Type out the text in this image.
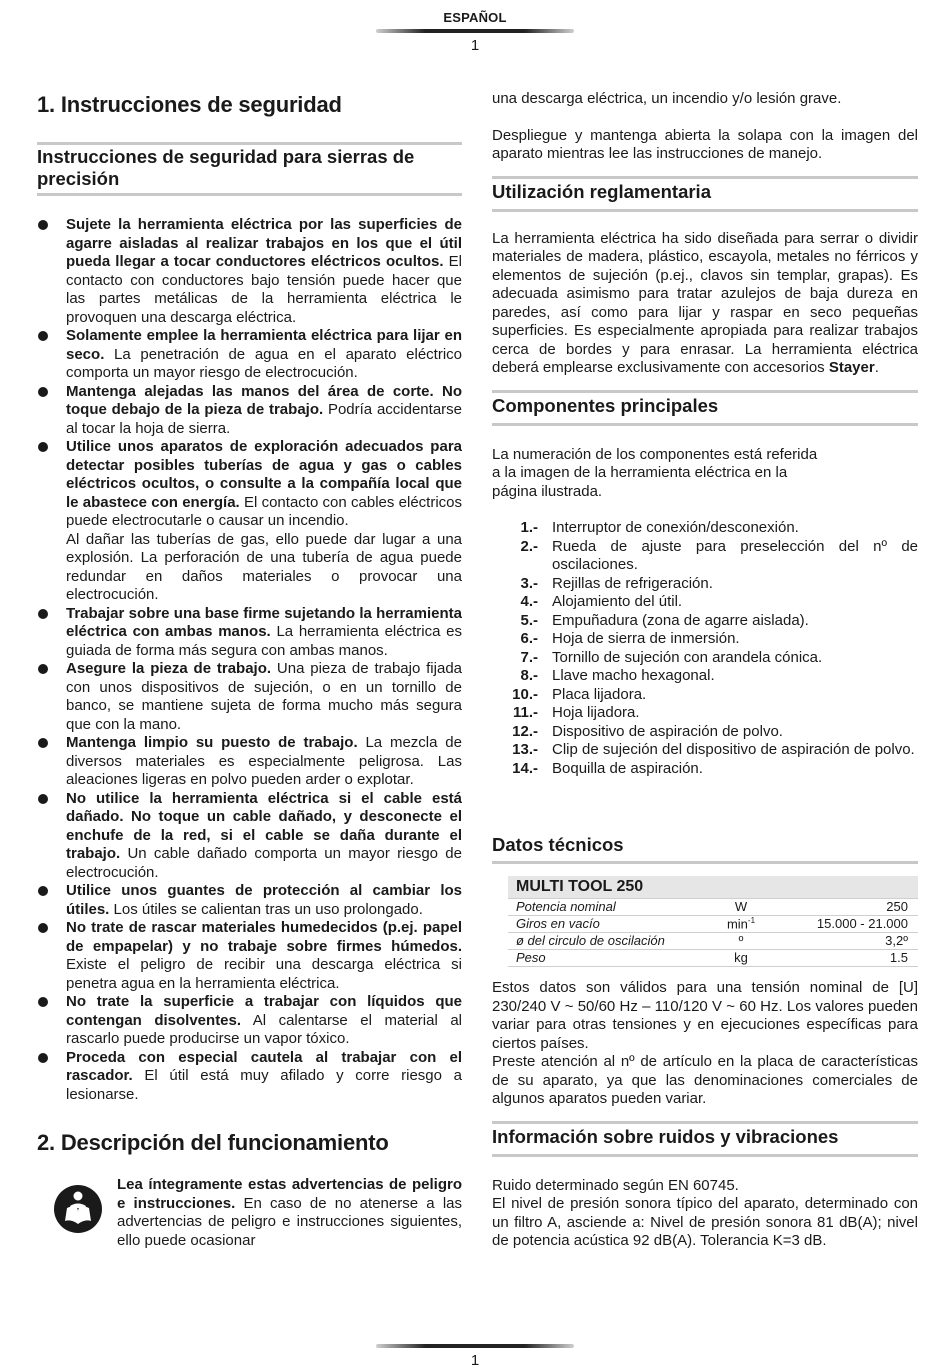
ESPAÑOL
1
1. Instrucciones de seguridad
Instrucciones de seguridad para sierras de precisión
Sujete la herramienta eléctrica por las superficies de agarre aisladas al realizar trabajos en los que el útil pueda llegar a tocar conductores eléctricos ocultos. El contacto con conductores bajo tensión puede hacer que las partes metálicas de la herramienta eléctrica le provoquen una descarga eléctrica.
Solamente emplee la herramienta eléctrica para lijar en seco. La penetración de agua en el aparato eléctrico comporta un mayor riesgo de electrocución.
Mantenga alejadas las manos del área de corte. No toque debajo de la pieza de trabajo. Podría accidentarse al tocar la hoja de sierra.
Utilice unos aparatos de exploración adecuados para detectar posibles tuberías de agua y gas o cables eléctricos ocultos, o consulte a la compañía local que le abastece con energía. El contacto con cables eléctricos puede electrocutarle o causar un incendio.
Al dañar las tuberías de gas, ello puede dar lugar a una explosión. La perforación de una tubería de agua puede redundar en daños materiales o provocar una electrocución.
Trabajar sobre una base firme sujetando la herramienta eléctrica con ambas manos. La herramienta eléctrica es guiada de forma más segura con ambas manos.
Asegure la pieza de trabajo. Una pieza de trabajo fijada con unos dispositivos de sujeción, o en un tornillo de banco, se mantiene sujeta de forma mucho más segura que con la mano.
Mantenga limpio su puesto de trabajo. La mezcla de diversos materiales es especialmente peligrosa. Las aleaciones ligeras en polvo pueden arder o explotar.
No utilice la herramienta eléctrica si el cable está dañado. No toque un cable dañado, y desconecte el enchufe de la red, si el cable se daña durante el trabajo. Un cable dañado comporta un mayor riesgo de electrocución.
Utilice unos guantes de protección al cambiar los útiles. Los útiles se calientan tras un uso prolongado.
No trate de rascar materiales humedecidos (p.ej. papel de empapelar) y no trabaje sobre firmes húmedos. Existe el peligro de recibir una descarga eléctrica si penetra agua en la herramienta eléctrica.
No trate la superficie a trabajar con líquidos que contengan disolventes. Al calentarse el material al rascarlo puede producirse un vapor tóxico.
Proceda con especial cautela al trabajar con el rascador. El útil está muy afilado y corre riesgo a lesionarse.
2. Descripción del funcionamiento
Lea íntegramente estas advertencias de peligro e instrucciones. En caso de no atenerse a las advertencias de peligro e instrucciones siguientes, ello puede ocasionar
una descarga eléctrica, un incendio y/o lesión grave.
Despliegue y mantenga abierta la solapa con la imagen del aparato mientras lee las instrucciones de manejo.
Utilización reglamentaria
La herramienta eléctrica ha sido diseñada para serrar o dividir materiales de madera, plástico, escayola, metales no férricos y elementos de sujeción (p.ej., clavos sin templar, grapas). Es adecuada asimismo para tratar azulejos de baja dureza en paredes, así como para lijar y raspar en seco pequeñas superficies. Es especialmente apropiada para realizar trabajos cerca de bordes y para enrasar. La herramienta eléctrica deberá emplearse exclusivamente con accesorios Stayer.
Componentes principales
La numeración de los componentes está referida a la imagen de la herramienta eléctrica en la página ilustrada.
1.- Interruptor de conexión/desconexión.
2.- Rueda de ajuste para preselección del nº de oscilaciones.
3.- Rejillas de refrigeración.
4.- Alojamiento del útil.
5.- Empuñadura (zona de agarre aislada).
6.- Hoja de sierra de inmersión.
7.- Tornillo de sujeción con arandela cónica.
8.- Llave macho hexagonal.
10.- Placa lijadora.
11.- Hoja lijadora.
12.- Dispositivo de aspiración de polvo.
13.- Clip de sujeción del dispositivo de aspiración de polvo.
14.- Boquilla de aspiración.
Datos técnicos
MULTI TOOL 250		
Potencia nominal	W	250
Giros en vacío	$\min^{-1}$	15.000 - 21.000
ø del circulo de oscilación	º	3,2º
Peso	kg	1.5
Estos datos son válidos para una tensión nominal de [U] 230/240 V ~ 50/60 Hz – 110/120 V ~ 60 Hz. Los valores pueden variar para otras tensiones y en ejecuciones específicas para ciertos países.
Preste atención al nº de artículo en la placa de características de su aparato, ya que las denominaciones comerciales de algunos aparatos pueden variar.
Información sobre ruidos y vibraciones
Ruido determinado según EN 60745.
El nivel de presión sonora típico del aparato, determinado con un filtro A, asciende a: Nivel de presión sonora 81 dB(A); nivel de potencia acústica 92 dB(A). Tolerancia K=3 dB.
1
